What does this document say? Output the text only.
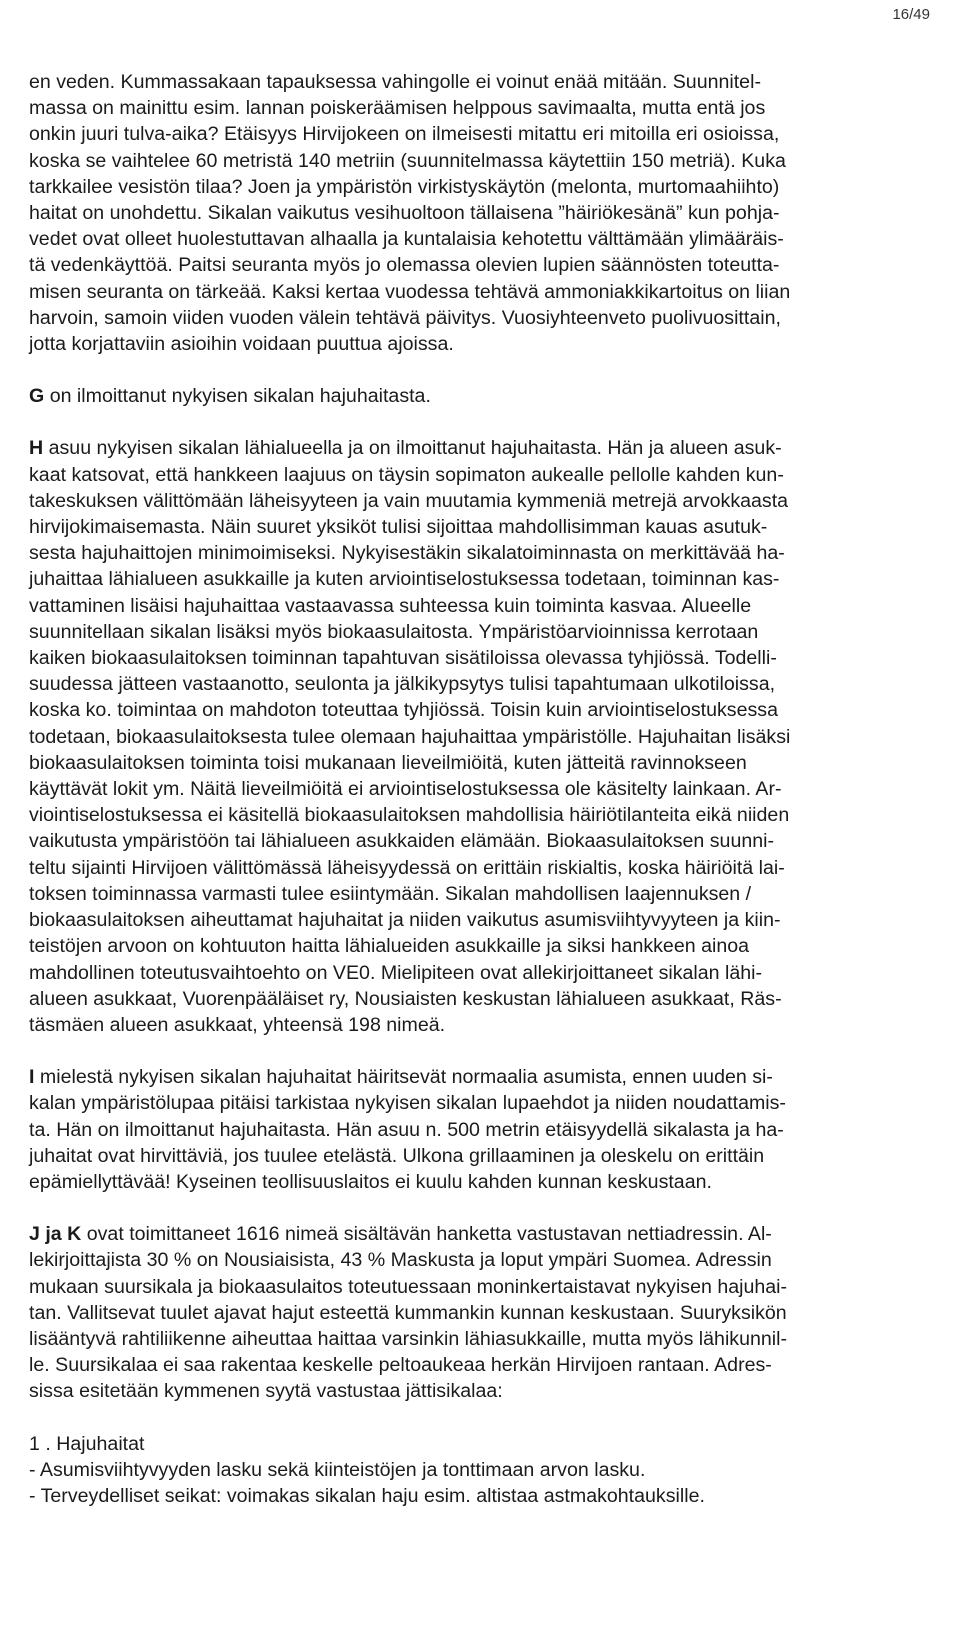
16/49

en veden. Kummassakaan tapauksessa vahingolle ei voinut enää mitään. Suunnitel-
massa on mainittu esim. lannan poiskeräämisen helppous savimaalta, mutta entä jos
onkin juuri tulva-aika? Etäisyys Hirvijokeen on ilmeisesti mitattu eri mitoilla eri osioissa,
koska se vaihtelee 60 metristä 140 metriin (suunnitelmassa käytettiin 150 metriä). Kuka
tarkkailee vesistön tilaa? Joen ja ympäristön virkistyskäytön (melonta, murtomaahiihto)
haitat on unohdettu. Sikalan vaikutus vesihuoltoon tällaisena ”häiriökesänä” kun pohja-
vedet ovat olleet huolestuttavan alhaalla ja kuntalaisia kehotettu välttämään ylimääräis-
tä vedenkäyttöä. Paitsi seuranta myös jo olemassa olevien lupien säännösten toteutta-
misen seuranta on tärkeää. Kaksi kertaa vuodessa tehtävä ammoniakkikartoitus on liian
harvoin, samoin viiden vuoden välein tehtävä päivitys. Vuosiyhteenveto puolivuosittain,
jotta korjattaviin asioihin voidaan puuttua ajoissa.

G on ilmoittanut nykyisen sikalan hajuhaitasta.

H asuu nykyisen sikalan lähialueella ja on ilmoittanut hajuhaitasta. Hän ja alueen asuk-
kaat katsovat, että hankkeen laajuus on täysin sopimaton aukealle pellolle kahden kun-
takeskuksen välittömään läheisyyteen ja vain muutamia kymmeniä metrejä arvokkaasta
hirvijokimaisemasta. Näin suuret yksiköt tulisi sijoittaa mahdollisimman kauas asutuk-
sesta hajuhaittojen minimoimiseksi. Nykyisestäkin sikalatoiminnasta on merkittävää ha-
juhaittaa lähialueen asukkaille ja kuten arviointiselostuksessa todetaan, toiminnan kas-
vattaminen lisäisi hajuhaittaa vastaavassa suhteessa kuin toiminta kasvaa. Alueelle
suunnitellaan sikalan lisäksi myös biokaasulaitosta. Ympäristöarvioinnissa kerrotaan
kaiken biokaasulaitoksen toiminnan tapahtuvan sisätiloissa olevassa tyhjiössä. Todelli-
suudessa jätteen vastaanotto, seulonta ja jälkikypsytys tulisi tapahtumaan ulkotiloissa,
koska ko. toimintaa on mahdoton toteuttaa tyhjiössä. Toisin kuin arviointiselostuksessa
todetaan, biokaasulaitoksesta tulee olemaan hajuhaittaa ympäristölle. Hajuhaitan lisäksi
biokaasulaitoksen toiminta toisi mukanaan lieveilmiöitä, kuten jätteitä ravinnokseen
käyttävät lokit ym. Näitä lieveilmiöitä ei arviointiselostuksessa ole käsitelty lainkaan. Ar-
viointiselostuksessa ei käsitellä biokaasulaitoksen mahdollisia häiriötilanteita eikä niiden
vaikutusta ympäristöön tai lähialueen asukkaiden elämään. Biokaasulaitoksen suunni-
teltu sijainti Hirvijoen välittömässä läheisyydessä on erittäin riskialtis, koska häiriöitä lai-
toksen toiminnassa varmasti tulee esiintymään. Sikalan mahdollisen laajennuksen /
biokaasulaitoksen aiheuttamat hajuhaitat ja niiden vaikutus asumisviihtyvyyteen ja kiin-
teistöjen arvoon on kohtuuton haitta lähialueiden asukkaille ja siksi hankkeen ainoa
mahdollinen toteutusvaihtoehto on VE0. Mielipiteen ovat allekirjoittaneet sikalan lähi-
alueen asukkaat, Vuorenpääläiset ry, Nousiaisten keskustan lähialueen asukkaat, Räs-
täsmäen alueen asukkaat, yhteensä 198 nimeä.

I mielestä nykyisen sikalan hajuhaitat häiritsevät normaalia asumista, ennen uuden si-
kalan ympäristölupaa pitäisi tarkistaa nykyisen sikalan lupaehdot ja niiden noudattamis-
ta. Hän on ilmoittanut hajuhaitasta. Hän asuu n. 500 metrin etäisyydellä sikalasta ja ha-
juhaitat ovat hirvittäviä, jos tuulee etelästä. Ulkona grillaaminen ja oleskelu on erittäin
epämiellyttävää! Kyseinen teollisuuslaitos ei kuulu kahden kunnan keskustaan.

J ja K ovat toimittaneet 1616 nimeä sisältävän hanketta vastustavan nettiadressin. Al-
lekirjoittajista 30 % on Nousiaisista, 43 % Maskusta ja loput ympäri Suomea. Adressin
mukaan suursikala ja biokaasulaitos toteutuessaan moninkertaistavat nykyisen hajuhai-
tan. Vallitsevat tuulet ajavat hajut esteettä kummankin kunnan keskustaan. Suuryksikön
lisääntyvä rahtiliikenne aiheuttaa haittaa varsinkin lähiasukkaille, mutta myös lähikunnil-
le. Suursikalaa ei saa rakentaa keskelle peltoaukeaa herkän Hirvijoen rantaan. Adres-
sissa esitetään kymmenen syytä vastustaa jättisikalaa:

1 . Hajuhaitat
- Asumisviihtyvyyden lasku sekä kiinteistöjen ja tonttimaan arvon lasku.
- Terveydelliset seikat: voimakas sikalan haju esim. altistaa astmakohtauksille.
